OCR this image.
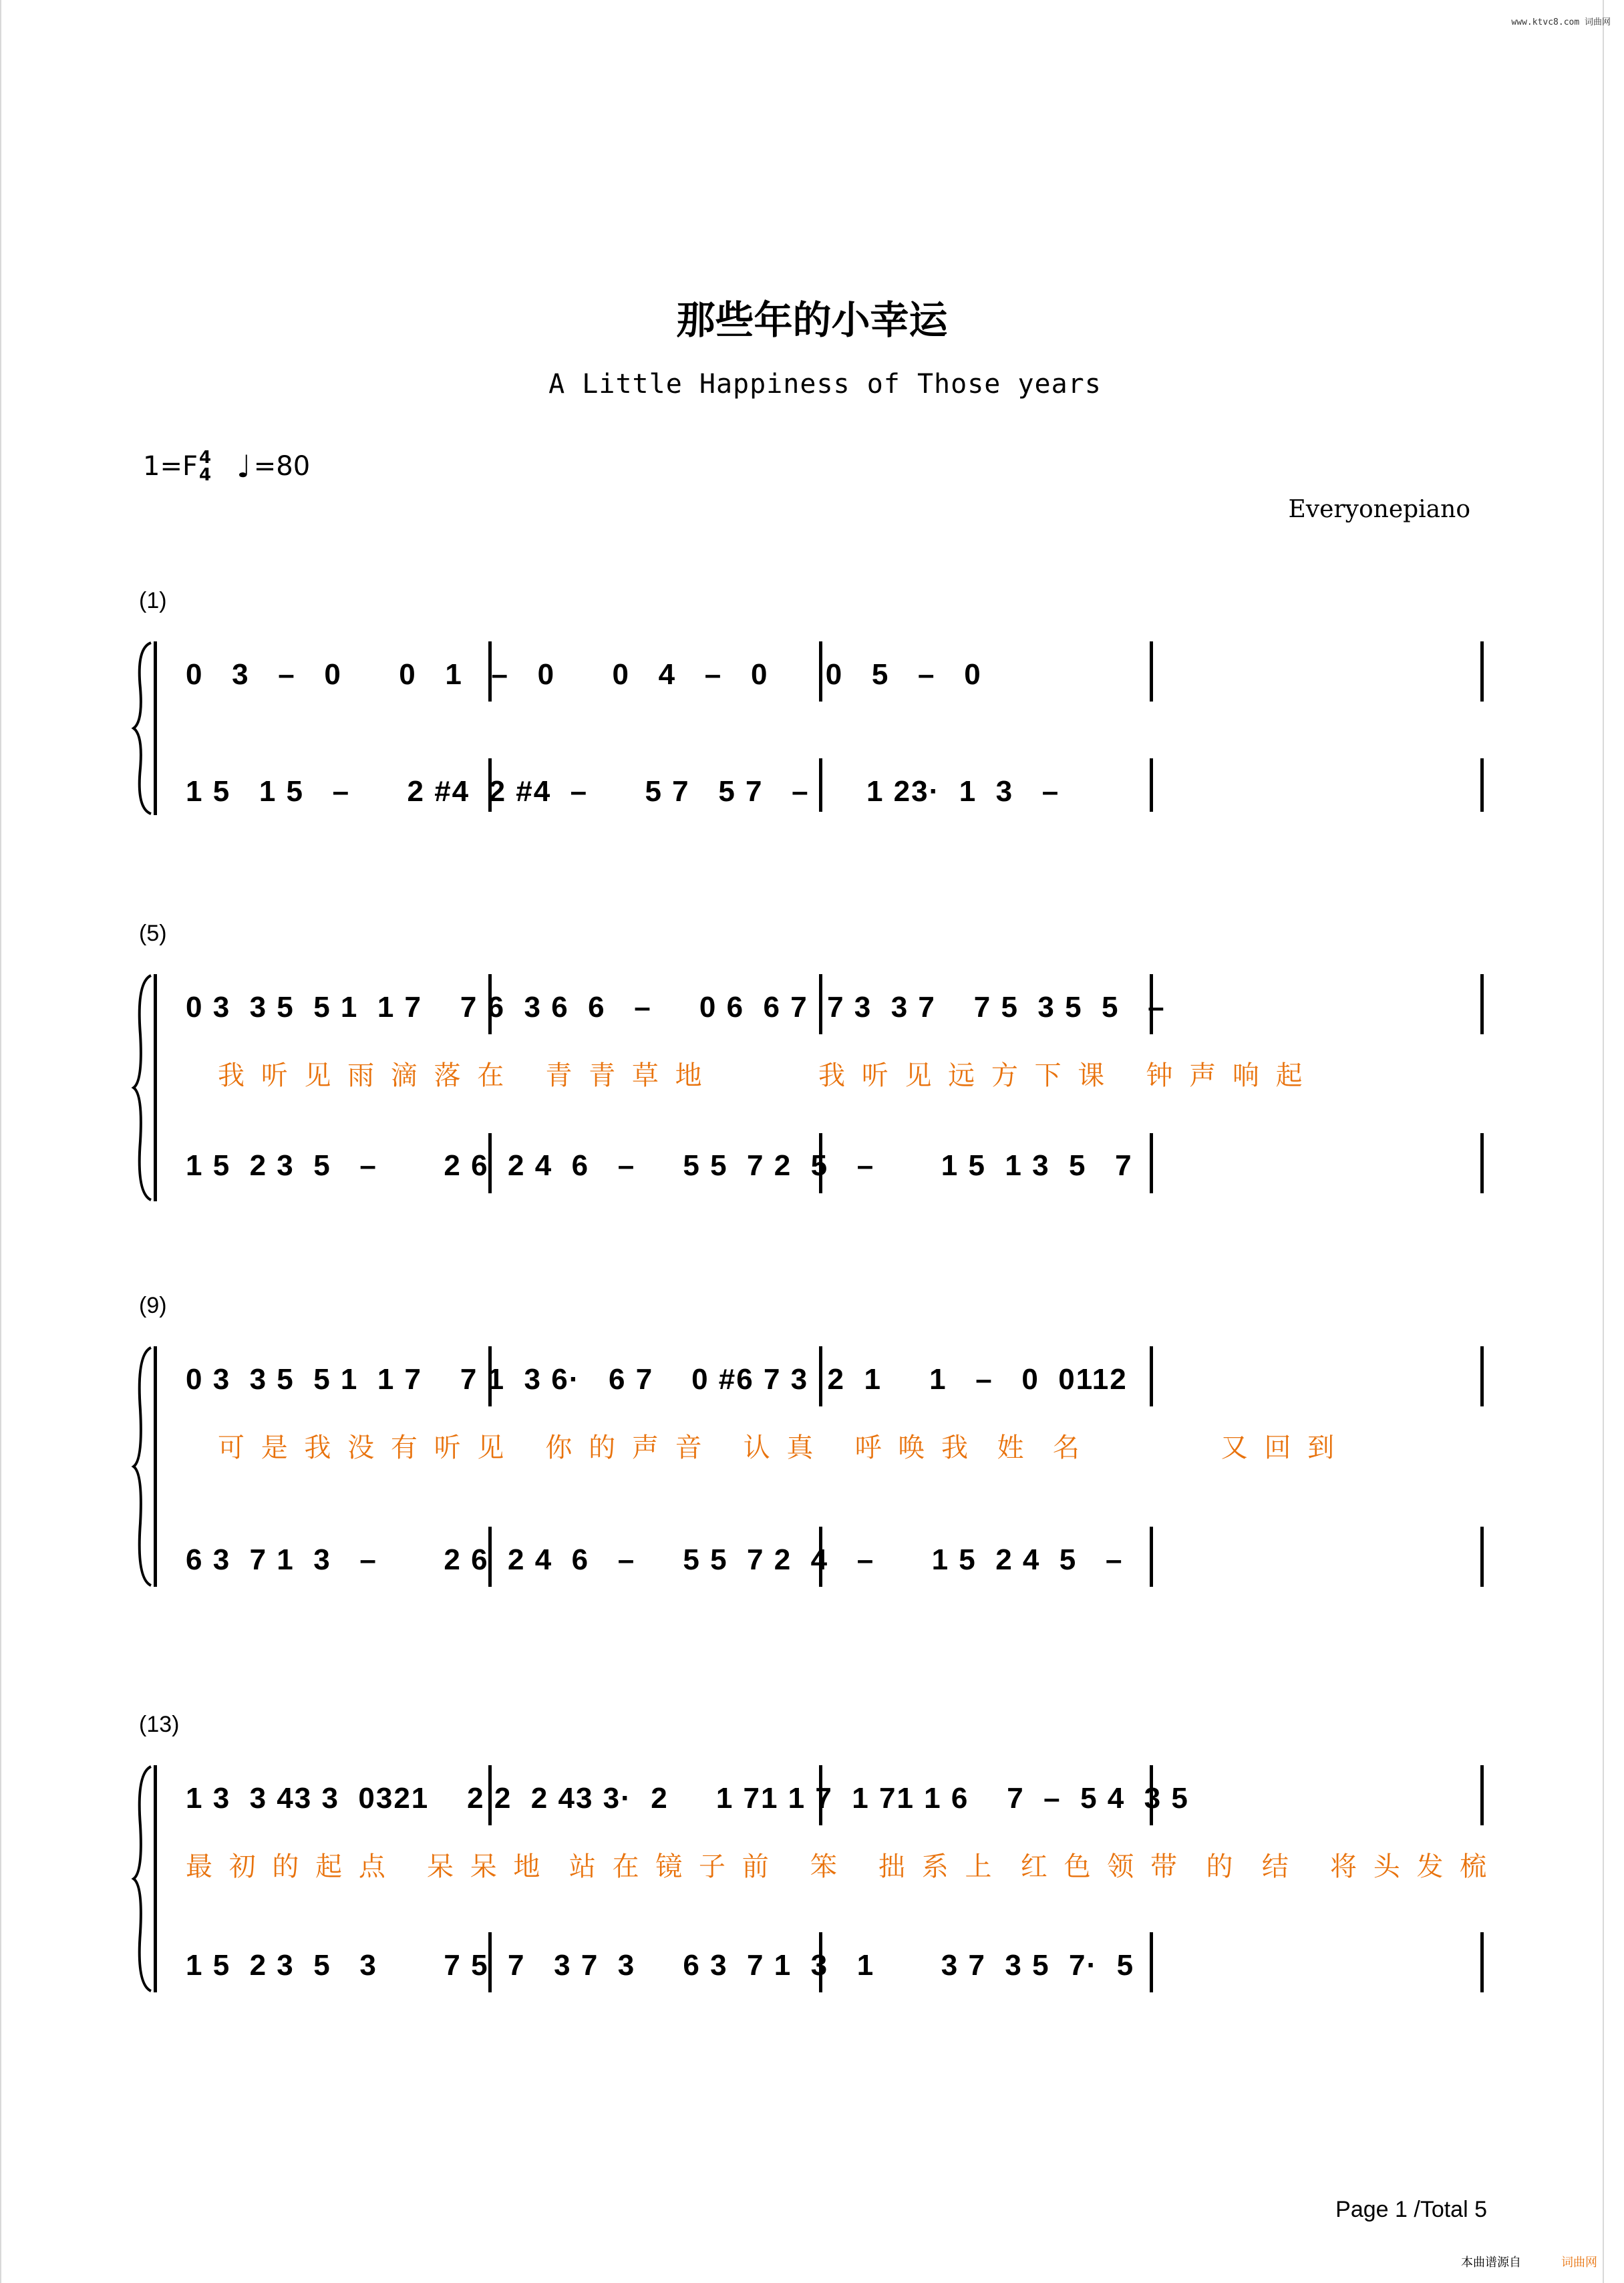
www.ktvc8.com 词曲网
那些年的小幸运
A Little Happiness of Those years
1=F 4
4 ♩ =80
Everyonepiano
(1)
0   3   –   0      0   1   –   0      0   4   –   0      0   5   –   0
1 5   1 5   –      2 #4  2 #4  –      5 7   5 7   –      1 23·  1  3   –
(5)
0 3  3 5  5 1  1 7    7 6  3 6  6   –     0 6  6 7  7 3  3 7    7 5  3 5  5   –
我 听 见 雨 滴 落 在   青 青 草 地         我 听 见 远 方 下 课   钟 声 响 起
1 5  2 3  5   –       2 6  2 4  6   –     5 5  7 2  5   –       1 5  1 3  5   7
(9)
0 3  3 5  5 1  1 7    7 1  3 6·   6 7    0 #6 7 3  2  1     1   –   0  0112
可 是 我 没 有 听 见   你 的 声 音   认 真   呼 唤 我  姓  名           又 回 到
6 3  7 1  3   –       2 6  2 4  6   –     5 5  7 2  4   –      1 5  2 4  5   –
(13)
1 3  3 43 3  0321    2 2  2 43 3·  2     1 71 1 7  1 71 1 6    7  –  5 4  3 5
最 初 的 起 点   呆 呆 地  站 在 镜 子 前   笨   拙 系 上  红 色 领 带  的  结   将 头 发 梳
1 5  2 3  5   3       7 5  7   3 7  3     6 3  7 1  3   1       3 7  3 5  7·  5
Page 1 /Total 5
本曲谱源自	词曲网
